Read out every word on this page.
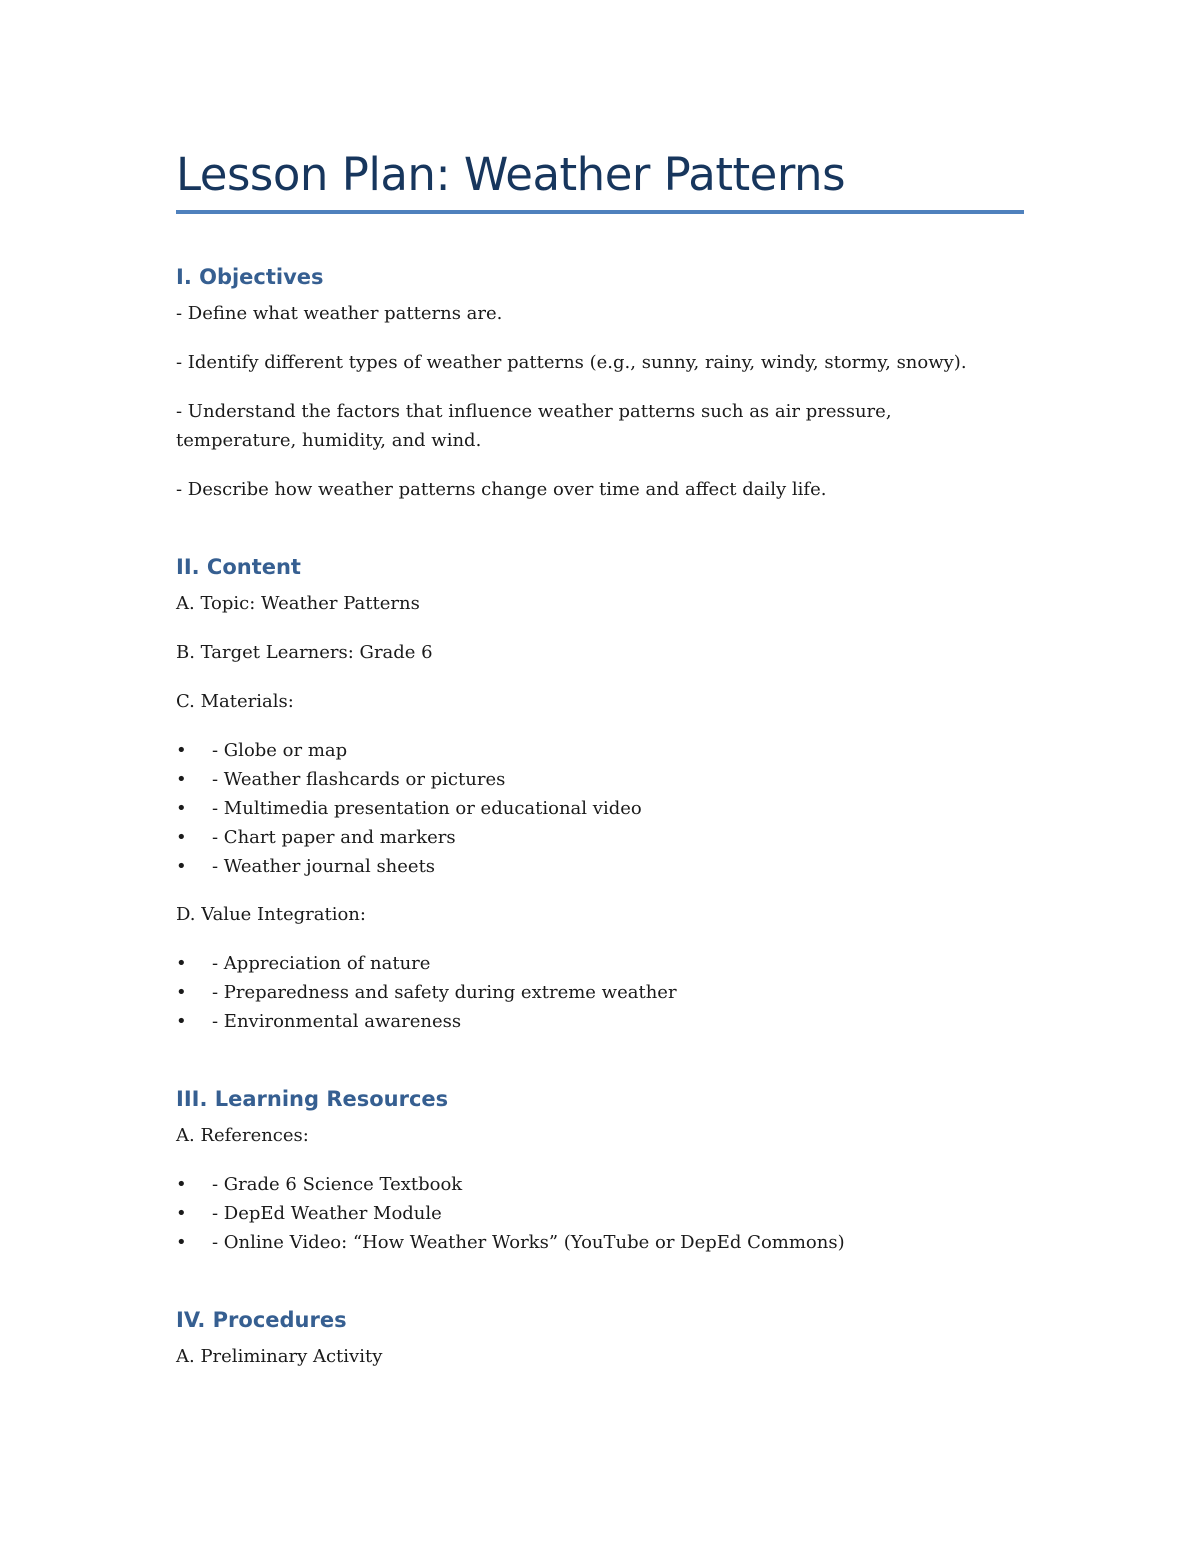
Lesson Plan: Weather Patterns
I. Objectives

- Define what weather patterns are.

- Identify different types of weather patterns (e.g., sunny, rainy, windy, stormy, snowy).

- Understand the factors that influence weather patterns such as air pressure, temperature, humidity, and wind.

- Describe how weather patterns change over time and affect daily life.

II. Content

A. Topic: Weather Patterns

B. Target Learners: Grade 6

C. Materials:

• - Globe or map
• - Weather flashcards or pictures
• - Multimedia presentation or educational video
• - Chart paper and markers
• - Weather journal sheets

D. Value Integration:

• - Appreciation of nature
• - Preparedness and safety during extreme weather
• - Environmental awareness
III. Learning Resources

A. References:

• - Grade 6 Science Textbook
• - DepEd Weather Module
• - Online Video: “How Weather Works” (YouTube or DepEd Commons)
IV. Procedures

A. Preliminary Activity
